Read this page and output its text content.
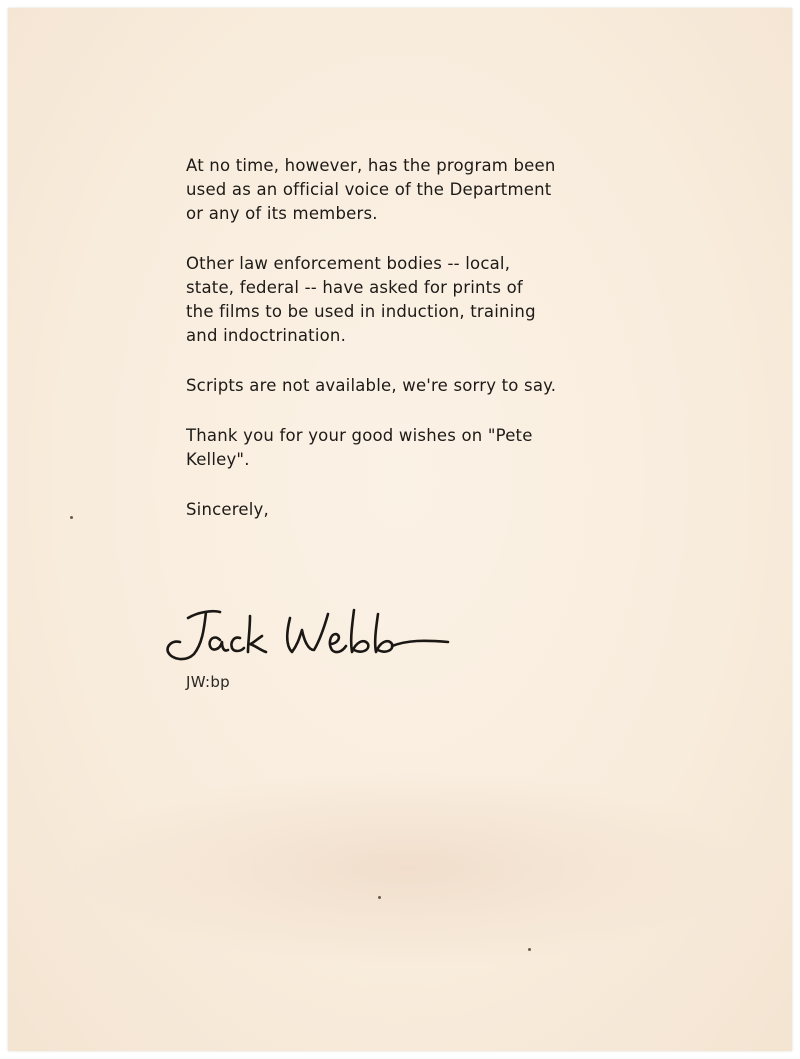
At no time, however, has the program been
used as an official voice of the Department
or any of its members.

Other law enforcement bodies -- local,
state, federal -- have asked for prints of
the films to be used in induction, training
and indoctrination.

Scripts are not available, we're sorry to say.

Thank you for your good wishes on "Pete
Kelley".

Sincerely,

JW:bp
